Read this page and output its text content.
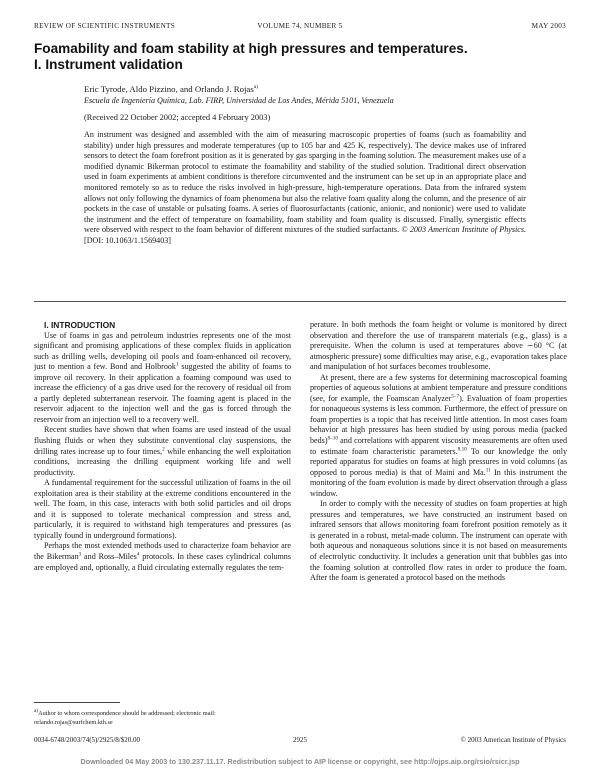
REVIEW OF SCIENTIFIC INSTRUMENTS	VOLUME 74, NUMBER 5	MAY 2003
Foamability and foam stability at high pressures and temperatures.
I. Instrument validation
Eric Tyrode, Aldo Pizzino, and Orlando J. Rojas$^{a)}$
Escuela de Ingeniería Química, Lab. FIRP, Universidad de Los Andes, Mérida 5101, Venezuela
(Received 22 October 2002; accepted 4 February 2003)

An instrument was designed and assembled with the aim of measuring macroscopic properties of foams (such as foamability and stability) under high pressures and moderate temperatures (up to 105 bar and 425 K, respectively). The device makes use of infrared sensors to detect the foam forefront position as it is generated by gas sparging in the foaming solution. The measurement makes use of a modified dynamic Bikerman protocol to estimate the foamability and stability of the studied solution. Traditional direct observation used in foam experiments at ambient conditions is therefore circumvented and the instrument can be set up in an appropriate place and monitored remotely so as to reduce the risks involved in high-pressure, high-temperature operations. Data from the infrared system allows not only following the dynamics of foam phenomena but also the relative foam quality along the column, and the presence of air pockets in the case of unstable or pulsating foams. A series of fluorosurfactants (cationic, anionic, and nonionic) were used to validate the instrument and the effect of temperature on foamability, foam stability and foam quality is discussed. Finally, synergistic effects were observed with respect to the foam behavior of different mixtures of the studied surfactants. © 2003 American Institute of Physics. [DOI: 10.1063/1.1569403]

I. INTRODUCTION

Use of foams in gas and petroleum industries represents one of the most significant and promising applications of these complex fluids in application such as drilling wells, developing oil pools and foam-enhanced oil recovery, just to mention a few. Bond and Holbrook$^1$ suggested the ability of foams to improve oil recovery. In their application a foaming compound was used to increase the efficiency of a gas drive used for the recovery of residual oil from a partly depleted subterranean reservoir. The foaming agent is placed in the reservoir adjacent to the injection well and the gas is forced through the reservoir from an injection well to a recovery well.

Recent studies have shown that when foams are used instead of the usual flushing fluids or when they substitute conventional clay suspensions, the drilling rates increase up to four times,$^2$ while enhancing the well exploitation conditions, increasing the drilling equipment working life and well productivity.

A fundamental requirement for the successful utilization of foams in the oil exploitation area is their stability at the extreme conditions encountered in the well. The foam, in this case, interacts with both solid particles and oil drops and it is supposed to tolerate mechanical compression and stress and, particularly, it is required to withstand high temperatures and pressures (as typically found in underground formations).

Perhaps the most extended methods used to characterize foam behavior are the Bikerman$^3$ and Ross–Miles$^4$ protocols. In these cases cylindrical columns are employed and, optionally, a fluid circulating externally regulates the tem-

perature. In both methods the foam height or volume is monitored by direct observation and therefore the use of transparent materials (e.g., glass) is a prerequisite. When the column is used at temperatures above ∼60 °C (at atmospheric pressure) some difficulties may arise, e.g., evaporation takes place and manipulation of hot surfaces becomes troublesome.

At present, there are a few systems for determining macroscopical foaming properties of aqueous solutions at ambient temperature and pressure conditions (see, for example, the Foamscan Analyzer$^{5-7}$). Evaluation of foam properties for nonaqueous systems is less common. Furthermore, the effect of pressure on foam properties is a topic that has received little attention. In most cases foam behavior at high pressures has been studied by using porous media (packed beds)$^{8-10}$ and correlations with apparent viscosity measurements are often used to estimate foam characteristic parameters.$^{8,10}$ To our knowledge the only reported apparatus for studies on foams at high pressures in void columns (as opposed to porous media) is that of Maini and Ma.$^{11}$ In this instrument the monitoring of the foam evolution is made by direct observation through a glass window.

In order to comply with the necessity of studies on foam properties at high pressures and temperatures, we have constructed an instrument based on infrared sensors that allows monitoring foam forefront position remotely as it is generated in a robust, metal-made column. The instrument can operate with both aqueous and nonaqueous solutions since it is not based on measurements of electrolytic conductivity. It includes a generation unit that bubbles gas into the foaming solution at controlled flow rates in order to produce the foam. After the foam is generated a protocol based on the methods

$^{a)}$Author to whom correspondence should be addressed; electronic mail: orlando.rojas@surfchem.kth.se
0034-6748/2003/74(5)/2925/8/$20.00	2925	© 2003 American Institute of Physics
Downloaded 04 May 2003 to 130.237.11.17. Redistribution subject to AIP license or copyright, see http://ojps.aip.org/rsio/rsicr.jsp
